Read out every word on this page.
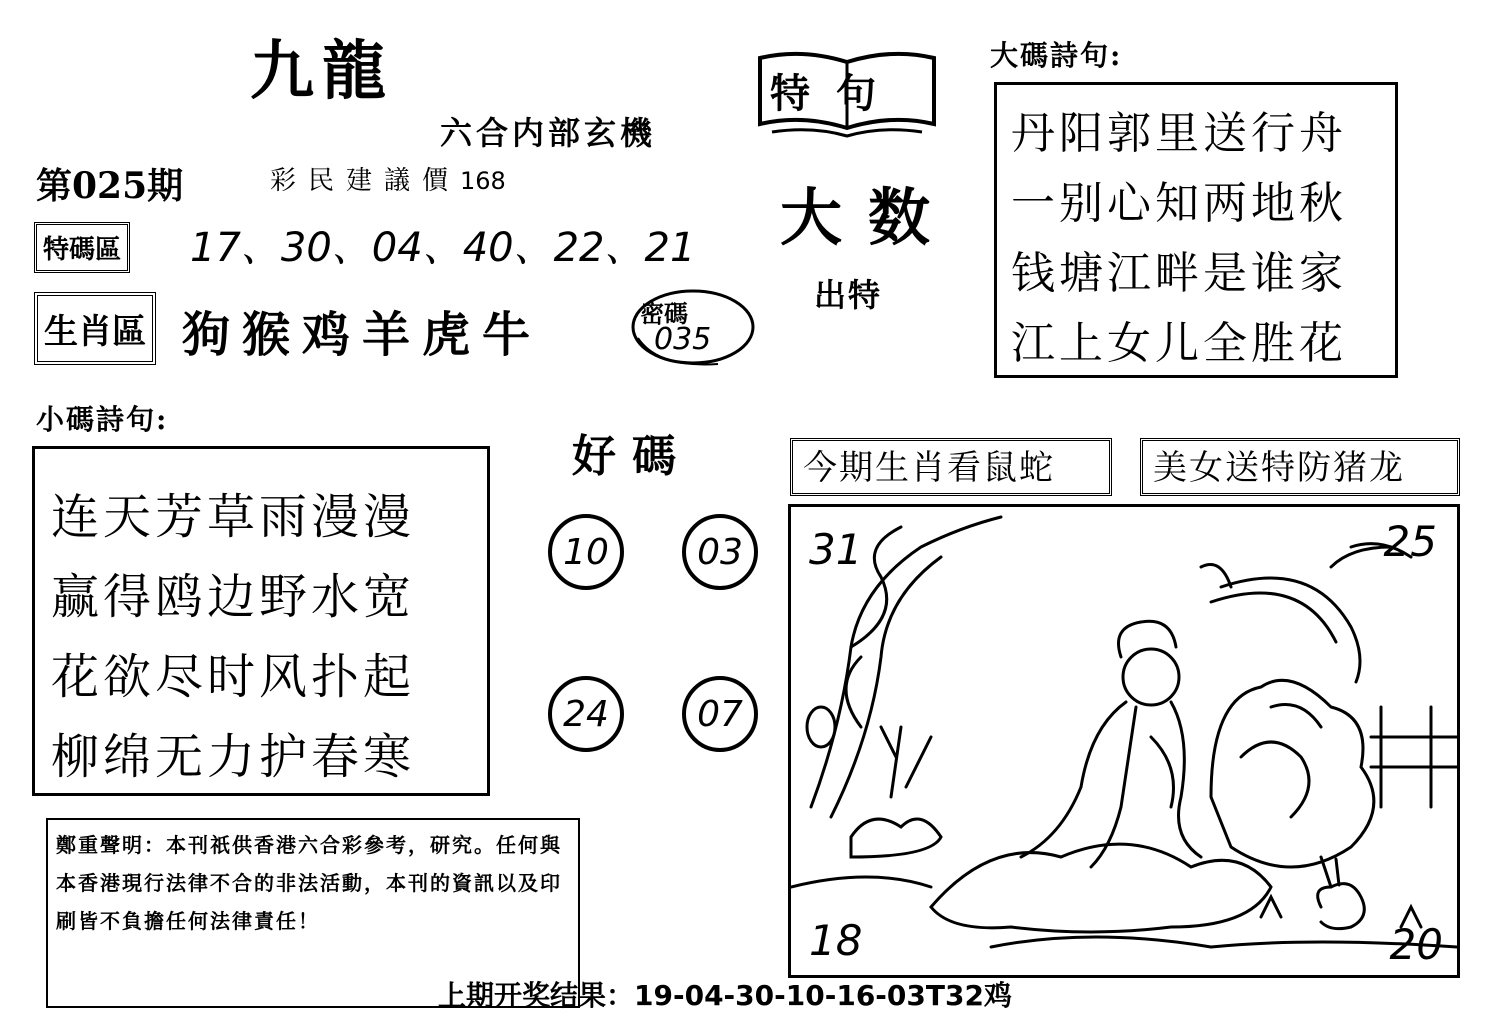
九龍
六合内部玄機
第025期	彩民建議價168
特碼區 17、30、04、40、22、21
生肖區 狗猴鸡羊虎牛	密碼
035
特句
大数
出特
大碼詩句:
丹阳郭里送行舟
一别心知两地秋
钱塘江畔是谁家
江上女儿全胜花
小碼詩句:
连天芳草雨漫漫
赢得鸥边野水宽
花欲尽时风扑起
柳绵无力护春寒
好碼
10	03
24	07
今期生肖看鼠蛇	美女送特防猪龙
31	25
18	20
鄭重聲明：本刊祇供香港六合彩參考，研究。任何與本香港現行法律不合的非法活動，本刊的資訊以及印刷皆不負擔任何法律責任！
上期开奖结果：19-04-30-10-16-03T32鸡
